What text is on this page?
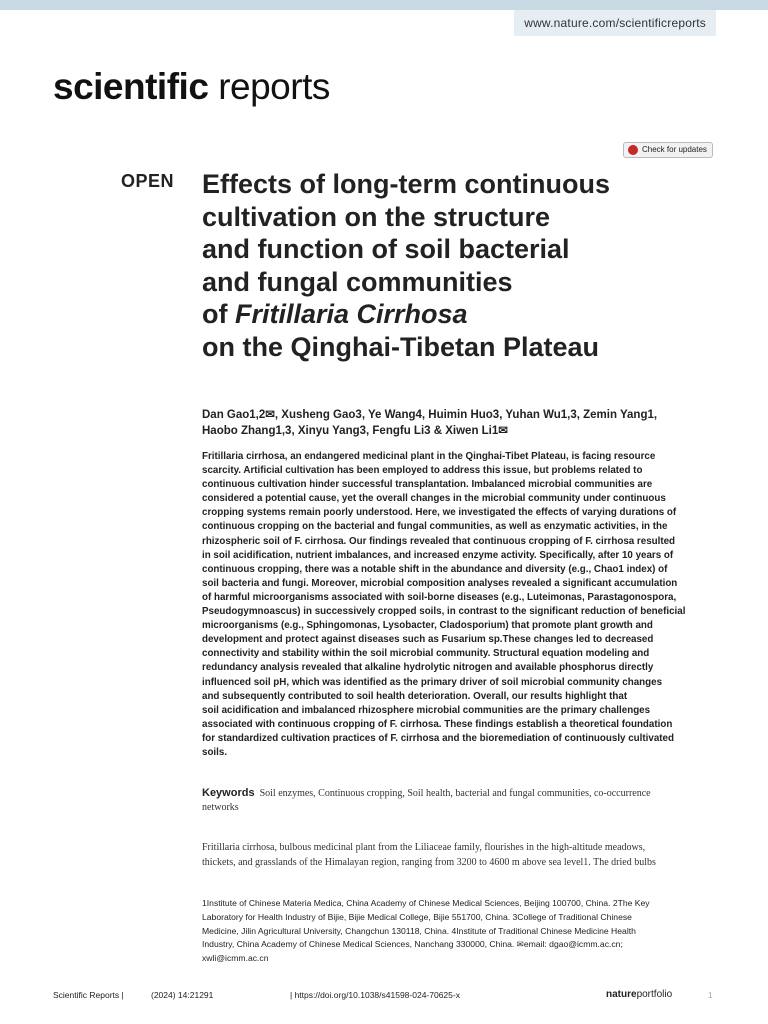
www.nature.com/scientificreports
scientific reports
Check for updates
OPEN Effects of long-term continuous
cultivation on the structure
and function of soil bacterial
and fungal communities
of Fritillaria Cirrhosa
on the Qinghai-Tibetan Plateau
Dan Gao1,2✉, Xusheng Gao3, Ye Wang4, Huimin Huo3, Yuhan Wu1,3, Zemin Yang1,
Haobo Zhang1,3, Xinyu Yang3, Fengfu Li3 & Xiwen Li1✉
Fritillaria cirrhosa, an endangered medicinal plant in the Qinghai-Tibet Plateau, is facing resource
scarcity. Artificial cultivation has been employed to address this issue, but problems related to
continuous cultivation hinder successful transplantation. Imbalanced microbial communities are
considered a potential cause, yet the overall changes in the microbial community under continuous
cropping systems remain poorly understood. Here, we investigated the effects of varying durations of
continuous cropping on the bacterial and fungal communities, as well as enzymatic activities, in the
rhizospheric soil of F. cirrhosa. Our findings revealed that continuous cropping of F. cirrhosa resulted
in soil acidification, nutrient imbalances, and increased enzyme activity. Specifically, after 10 years of
continuous cropping, there was a notable shift in the abundance and diversity (e.g., Chao1 index) of
soil bacteria and fungi. Moreover, microbial composition analyses revealed a significant accumulation
of harmful microorganisms associated with soil-borne diseases (e.g., Luteimonas, Parastagonospora,
Pseudogymnoascus) in successively cropped soils, in contrast to the significant reduction of beneficial
microorganisms (e.g., Sphingomonas, Lysobacter, Cladosporium) that promote plant growth and
development and protect against diseases such as Fusarium sp.These changes led to decreased
connectivity and stability within the soil microbial community. Structural equation modeling and
redundancy analysis revealed that alkaline hydrolytic nitrogen and available phosphorus directly
influenced soil pH, which was identified as the primary driver of soil microbial community changes
and subsequently contributed to soil health deterioration. Overall, our results highlight that
soil acidification and imbalanced rhizosphere microbial communities are the primary challenges
associated with continuous cropping of F. cirrhosa. These findings establish a theoretical foundation
for standardized cultivation practices of F. cirrhosa and the bioremediation of continuously cultivated
soils.
Keywords Soil enzymes, Continuous cropping, Soil health, bacterial and fungal communities, co-occurrence
networks
Fritillaria cirrhosa, bulbous medicinal plant from the Liliaceae family, flourishes in the high-altitude meadows,
thickets, and grasslands of the Himalayan region, ranging from 3200 to 4600 m above sea level1. The dried bulbs
1Institute of Chinese Materia Medica, China Academy of Chinese Medical Sciences, Beijing 100700, China. 2The Key
Laboratory for Health Industry of Bijie, Bijie Medical College, Bijie 551700, China. 3College of Traditional Chinese
Medicine, Jilin Agricultural University, Changchun 130118, China. 4Institute of Traditional Chinese Medicine Health
Industry, China Academy of Chinese Medical Sciences, Nanchang 330000, China. ✉email: dgao@icmm.ac.cn;
xwli@icmm.ac.cn
Scientific Reports |	(2024) 14:21291	| https://doi.org/10.1038/s41598-024-70625-x	natureportfolio	1
